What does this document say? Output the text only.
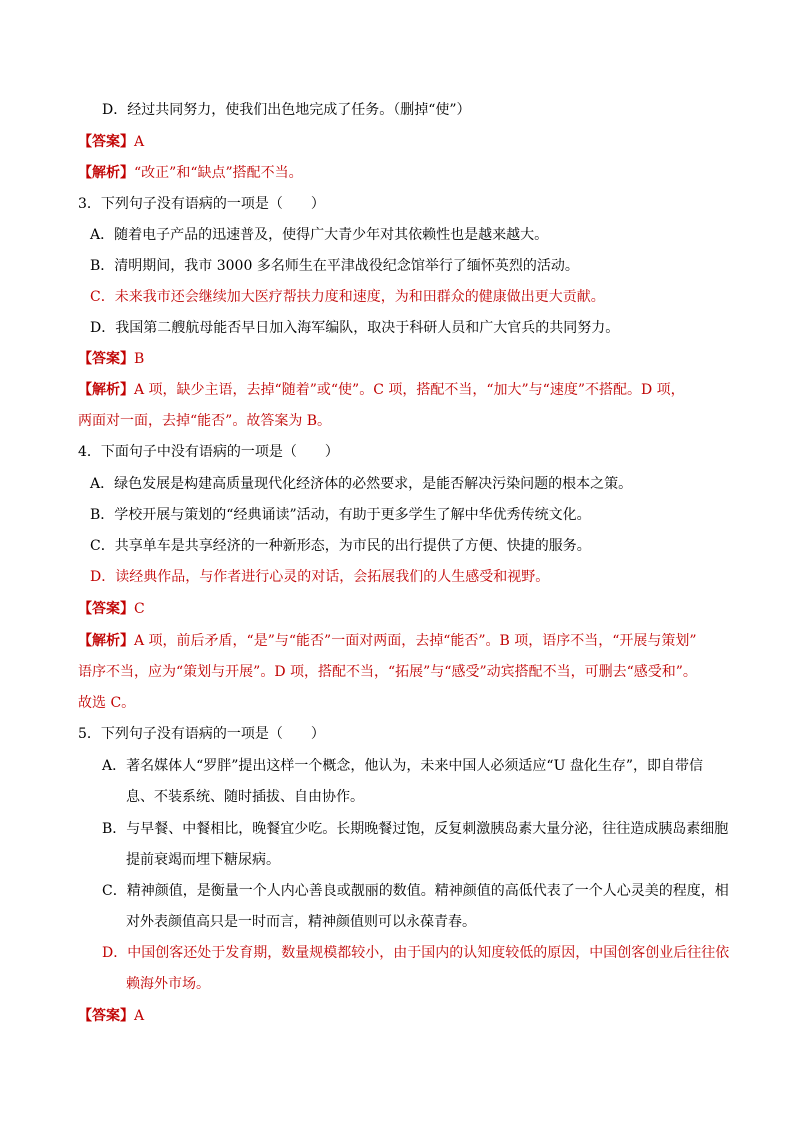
D．经过共同努力，使我们出色地完成了任务。（删掉“使”）
【答案】A
【解析】“改正”和“缺点”搭配不当。
3．下列句子没有语病的一项是（　　）
A．随着电子产品的迅速普及，使得广大青少年对其依赖性也是越来越大。
B．清明期间，我市 3000 多名师生在平津战役纪念馆举行了缅怀英烈的活动。
C．未来我市还会继续加大医疗帮扶力度和速度，为和田群众的健康做出更大贡献。
D．我国第二艘航母能否早日加入海军编队，取决于科研人员和广大官兵的共同努力。
【答案】B
【解析】A 项，缺少主语，去掉“随着”或“使”。C 项，搭配不当，“加大”与“速度”不搭配。D 项，
两面对一面，去掉“能否”。故答案为 B。
4．下面句子中没有语病的一项是（　　）
A．绿色发展是构建高质量现代化经济体的必然要求，是能否解决污染问题的根本之策。
B．学校开展与策划的“经典诵读”活动，有助于更多学生了解中华优秀传统文化。
C．共享单车是共享经济的一种新形态，为市民的出行提供了方便、快捷的服务。
D．读经典作品，与作者进行心灵的对话，会拓展我们的人生感受和视野。
【答案】C
【解析】A 项，前后矛盾，“是”与“能否”一面对两面，去掉“能否”。B 项，语序不当，“开展与策划”
语序不当，应为“策划与开展”。D 项，搭配不当，“拓展”与“感受”动宾搭配不当，可删去“感受和”。
故选 C。
5．下列句子没有语病的一项是（　　）
A．著名媒体人“罗胖”提出这样一个概念，他认为，未来中国人必须适应“U 盘化生存”，即自带信
息、不装系统、随时插拔、自由协作。
B．与早餐、中餐相比，晚餐宜少吃。长期晚餐过饱，反复刺激胰岛素大量分泌，往往造成胰岛素细胞
提前衰竭而埋下糖尿病。
C．精神颜值，是衡量一个人内心善良或靓丽的数值。精神颜值的高低代表了一个人心灵美的程度，相
对外表颜值高只是一时而言，精神颜值则可以永葆青春。
D．中国创客还处于发育期，数量规模都较小，由于国内的认知度较低的原因，中国创客创业后往往依
赖海外市场。
【答案】A
